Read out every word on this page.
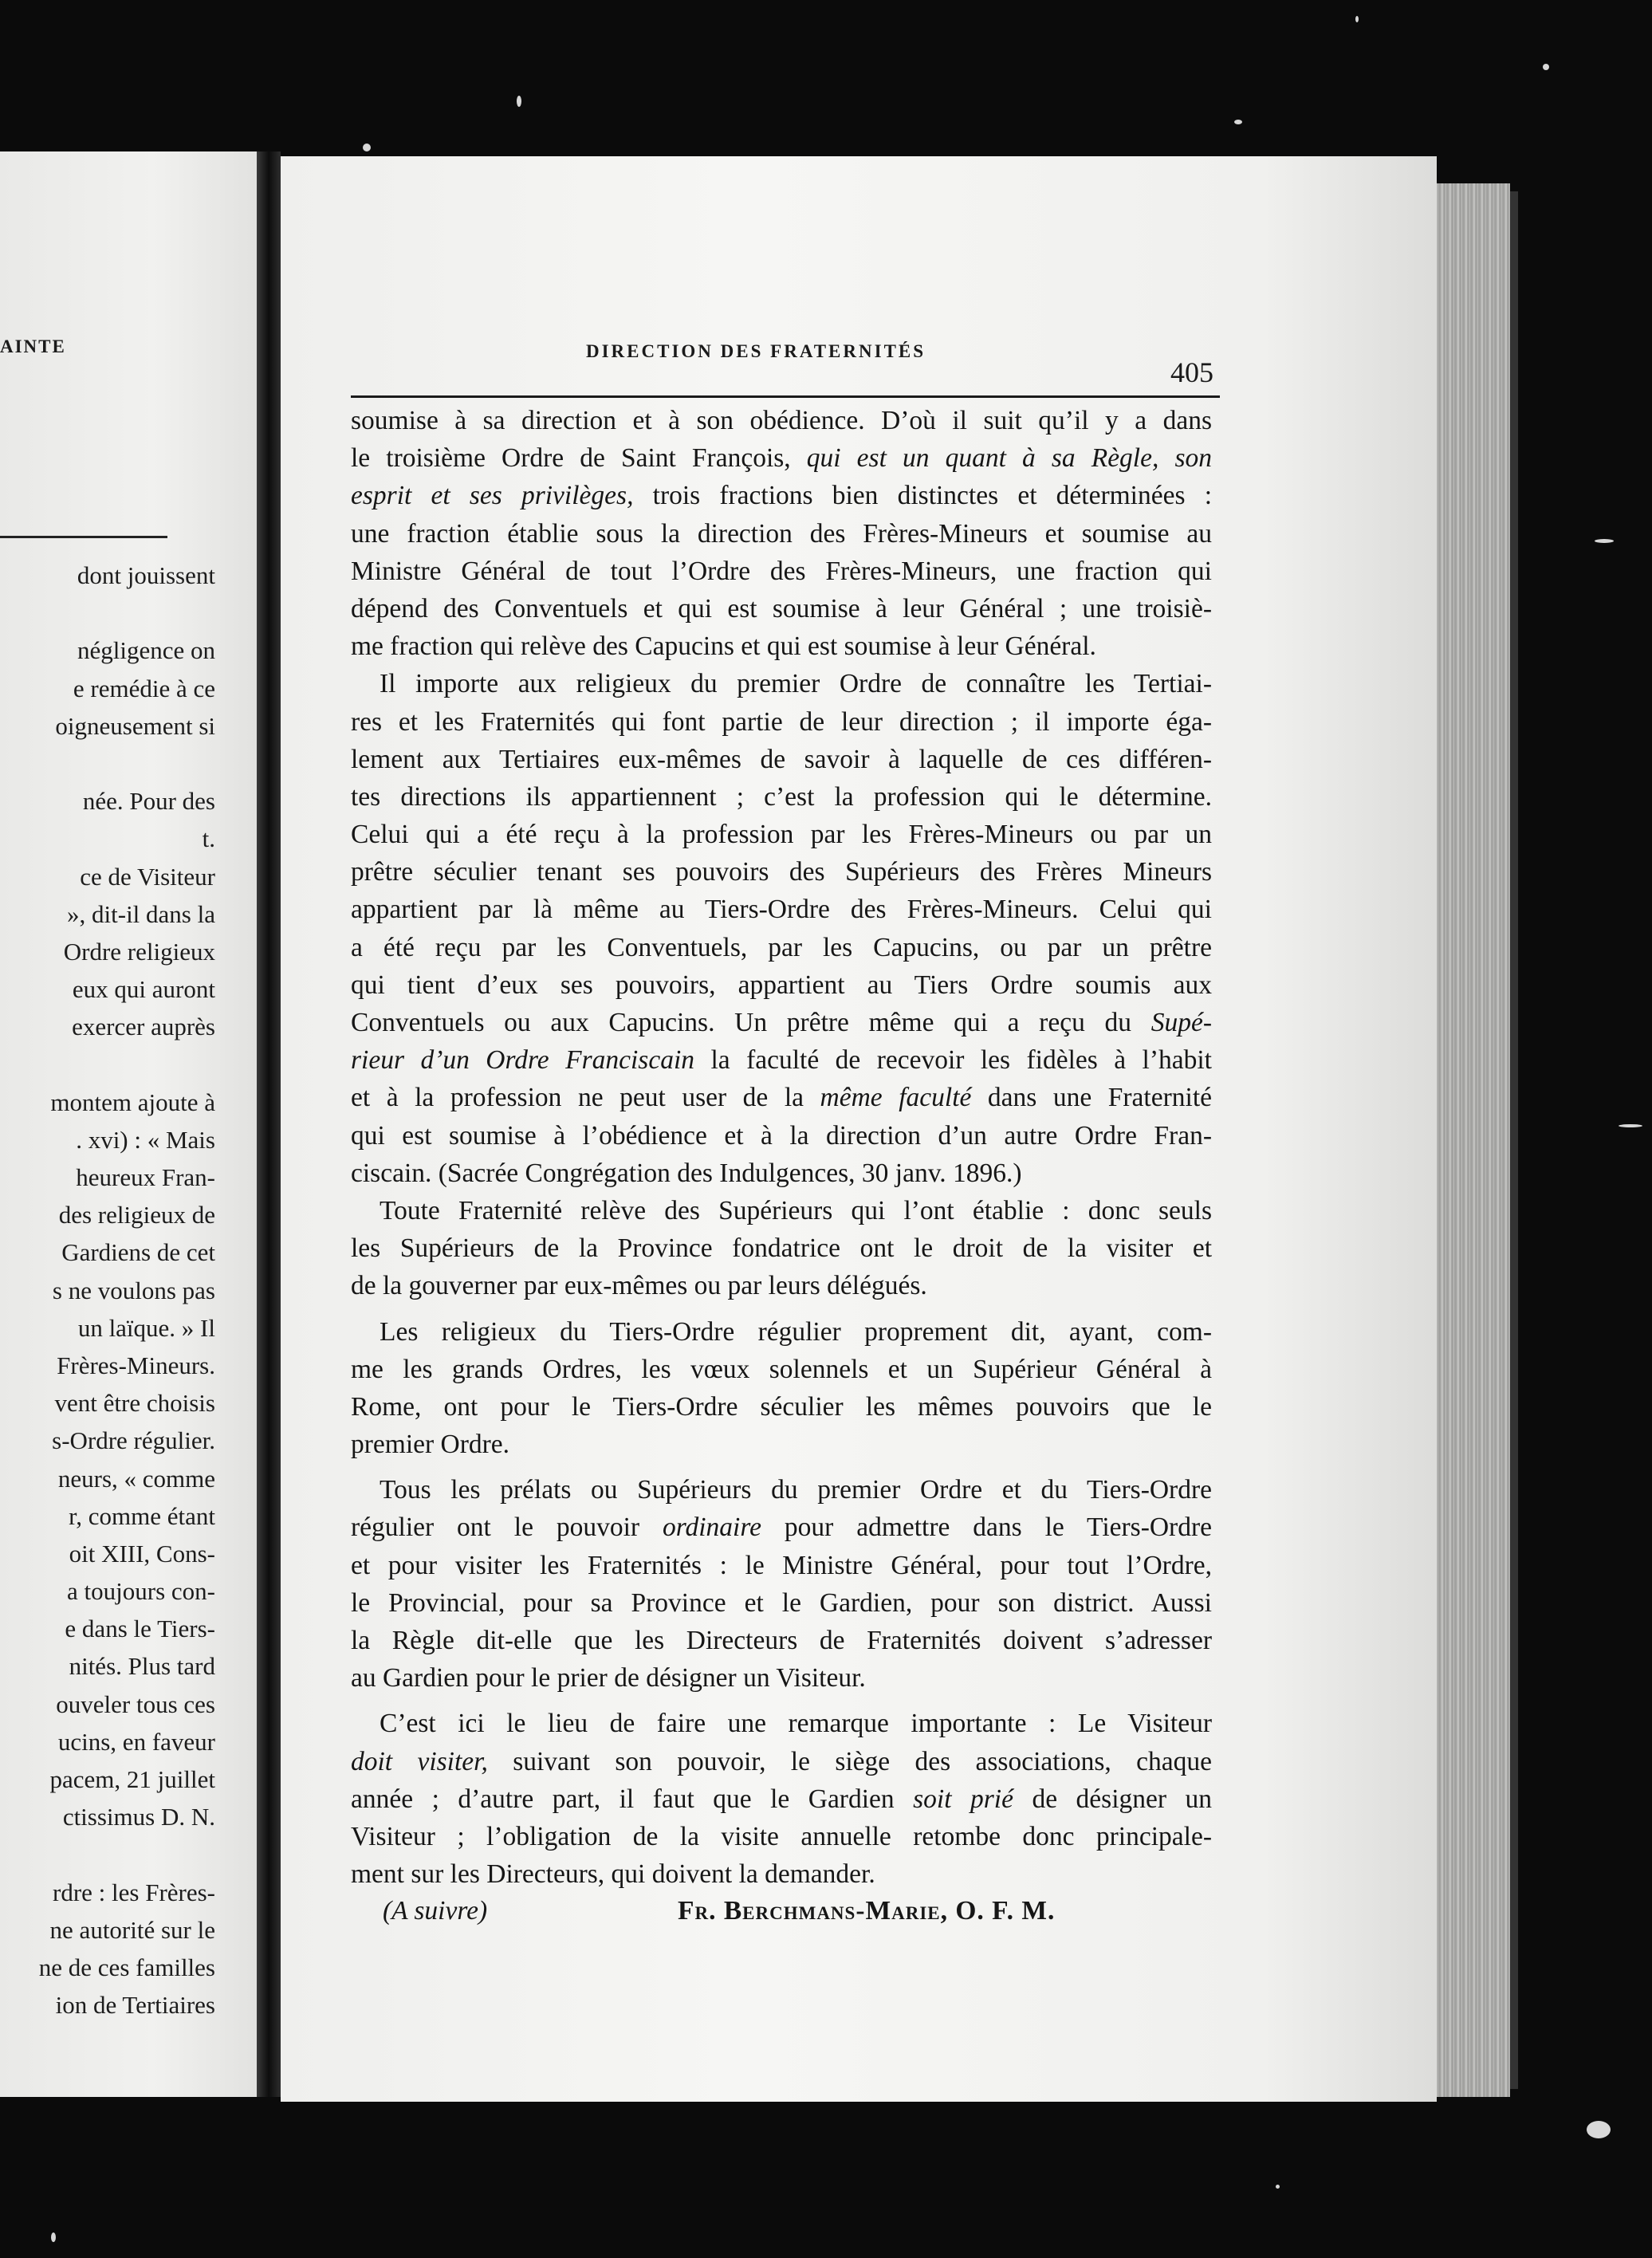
AINTE
dont jouissent
négligence on
e remédie à ce
oigneusement si
née. Pour des
t.
ce de Visiteur
», dit-il dans la
Ordre religieux
eux qui auront
exercer auprès
montem ajoute à
. xvi) : « Mais
heureux Fran-
des religieux de
Gardiens de cet
s ne voulons pas
un laïque. » Il
Frères-Mineurs.
vent être choisis
s-Ordre régulier.
neurs, « comme
r, comme étant
oit XIII, Cons-
a toujours con-
e dans le Tiers-
nités. Plus tard
ouveler tous ces
ucins, en faveur
pacem, 21 juillet
ctissimus D. N.
rdre : les Frères-
ne autorité sur le
ne de ces familles
ion de Tertiaires
DIRECTION DES FRATERNITÉS
405
soumise à sa direction et à son obédience. D’où il suit qu’il y a dans
le troisième Ordre de Saint François, qui est un quant à sa Règle, son
esprit et ses privilèges, trois fractions bien distinctes et déterminées :
une fraction établie sous la direction des Frères-Mineurs et soumise au
Ministre Général de tout l’Ordre des Frères-Mineurs, une fraction qui
dépend des Conventuels et qui est soumise à leur Général ; une troisiè-
me fraction qui relève des Capucins et qui est soumise à leur Général.
Il importe aux religieux du premier Ordre de connaître les Tertiai-
res et les Fraternités qui font partie de leur direction ; il importe éga-
lement aux Tertiaires eux-mêmes de savoir à laquelle de ces différen-
tes directions ils appartiennent ; c’est la profession qui le détermine.
Celui qui a été reçu à la profession par les Frères-Mineurs ou par un
prêtre séculier tenant ses pouvoirs des Supérieurs des Frères Mineurs
appartient par là même au Tiers-Ordre des Frères-Mineurs. Celui qui
a été reçu par les Conventuels, par les Capucins, ou par un prêtre
qui tient d’eux ses pouvoirs, appartient au Tiers Ordre soumis aux
Conventuels ou aux Capucins. Un prêtre même qui a reçu du Supé-
rieur d’un Ordre Franciscain la faculté de recevoir les fidèles à l’habit
et à la profession ne peut user de la même faculté dans une Fraternité
qui est soumise à l’obédience et à la direction d’un autre Ordre Fran-
ciscain. (Sacrée Congrégation des Indulgences, 30 janv. 1896.)
Toute Fraternité relève des Supérieurs qui l’ont établie : donc seuls
les Supérieurs de la Province fondatrice ont le droit de la visiter et
de la gouverner par eux-mêmes ou par leurs délégués.
Les religieux du Tiers-Ordre régulier proprement dit, ayant, com-
me les grands Ordres, les vœux solennels et un Supérieur Général à
Rome, ont pour le Tiers-Ordre séculier les mêmes pouvoirs que le
premier Ordre.
Tous les prélats ou Supérieurs du premier Ordre et du Tiers-Ordre
régulier ont le pouvoir ordinaire pour admettre dans le Tiers-Ordre
et pour visiter les Fraternités : le Ministre Général, pour tout l’Ordre,
le Provincial, pour sa Province et le Gardien, pour son district. Aussi
la Règle dit-elle que les Directeurs de Fraternités doivent s’adresser
au Gardien pour le prier de désigner un Visiteur.
C’est ici le lieu de faire une remarque importante : Le Visiteur
doit visiter, suivant son pouvoir, le siège des associations, chaque
année ; d’autre part, il faut que le Gardien soit prié de désigner un
Visiteur ; l’obligation de la visite annuelle retombe donc principale-
ment sur les Directeurs, qui doivent la demander.
(A suivre)	Fr. Berchmans-Marie, O. F. M.
